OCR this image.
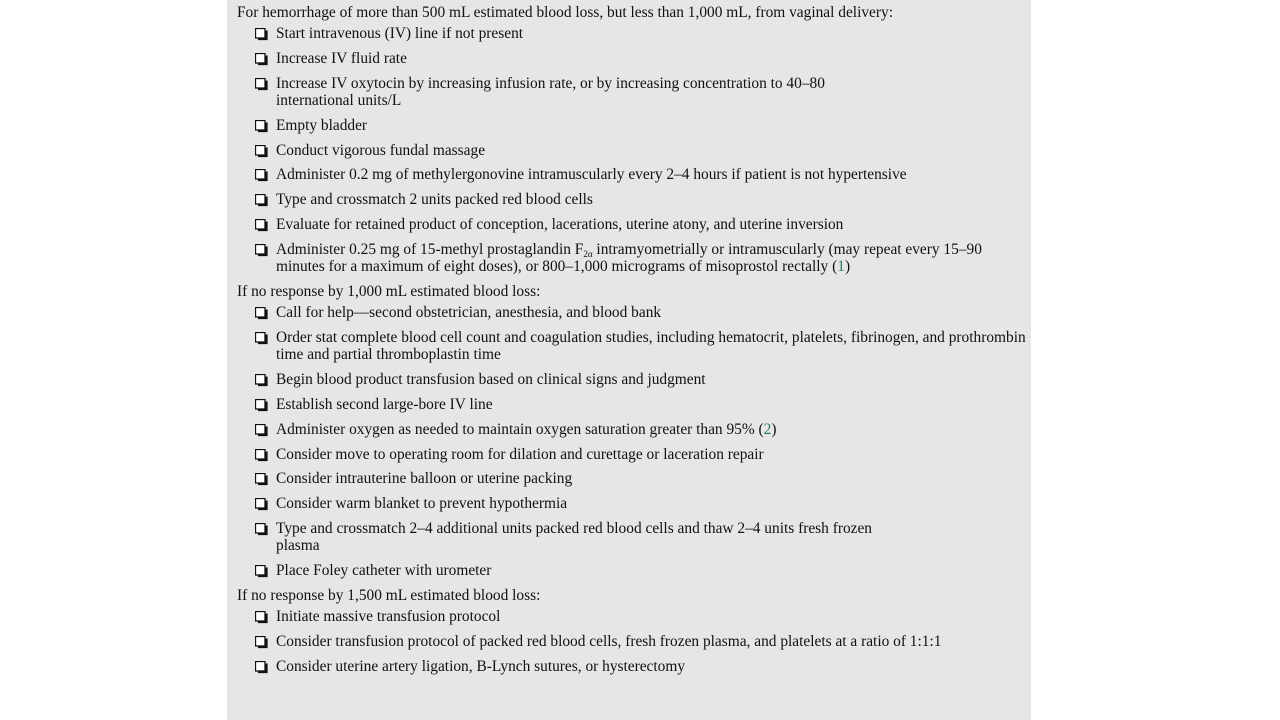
For hemorrhage of more than 500 mL estimated blood loss, but less than 1,000 mL, from vaginal delivery:
Start intravenous (IV) line if not present
Increase IV fluid rate
Increase IV oxytocin by increasing infusion rate, or by increasing concentration to 40–80 international units/L
Empty bladder
Conduct vigorous fundal massage
Administer 0.2 mg of methylergonovine intramuscularly every 2–4 hours if patient is not hypertensive
Type and crossmatch 2 units packed red blood cells
Evaluate for retained product of conception, lacerations, uterine atony, and uterine inversion
Administer 0.25 mg of 15-methyl prostaglandin $F_{2\alpha}$ intramyometrially or intramuscularly (may repeat every 15–90 minutes for a maximum of eight doses), or 800–1,000 micrograms of misoprostol rectally (1)
If no response by 1,000 mL estimated blood loss:
Call for help—second obstetrician, anesthesia, and blood bank
Order stat complete blood cell count and coagulation studies, including hematocrit, platelets, fibrinogen, and prothrombin time and partial thromboplastin time
Begin blood product transfusion based on clinical signs and judgment
Establish second large-bore IV line
Administer oxygen as needed to maintain oxygen saturation greater than 95% (2)
Consider move to operating room for dilation and curettage or laceration repair
Consider intrauterine balloon or uterine packing
Consider warm blanket to prevent hypothermia
Type and crossmatch 2–4 additional units packed red blood cells and thaw 2–4 units fresh frozen plasma
Place Foley catheter with urometer
If no response by 1,500 mL estimated blood loss:
Initiate massive transfusion protocol
Consider transfusion protocol of packed red blood cells, fresh frozen plasma, and platelets at a ratio of 1:1:1
Consider uterine artery ligation, B-Lynch sutures, or hysterectomy
